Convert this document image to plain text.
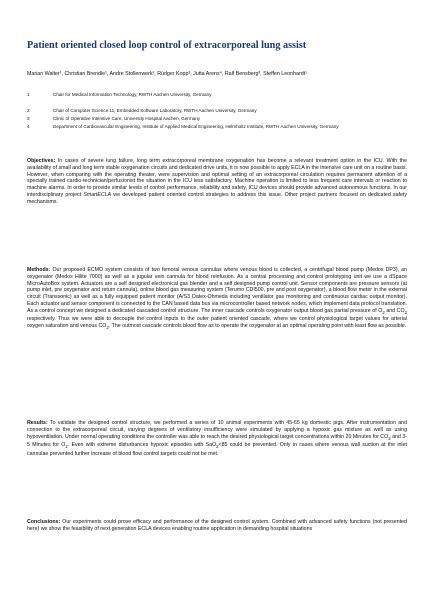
Patient oriented closed loop control of extracorporeal lung assist
Marian Walter¹, Christian Brendle¹, Andre Stollenwerk², Rüdger Kopp³, Jutta Arens⁴, Ralf Bensberg³, Steffen Leonhardt¹
1	Chair for Medical Information Technology, RWTH Aachen University, Germany
2	Chair of Computer Science 11, Embedded Software Laboratory, RWTH Aachen University, Germany
3	Clinic of Operative Intensive Care, University Hospital Aachen, Germany
4	Department of Cardiovascular Engineering, Institute of Applied Medical Engineering, Helmholtz Institute, RWTH Aachen University, Germany
Objectives: In cases of severe lung failure, long term extracorporeal membrane oxygenation has become a relevant treatment option in the ICU. With the availability of small and long term stable oxygenation circuits and dedicated drive units, it is now possible to apply ECLA in the intensive care unit on a routine basis. However, when comparing with the operating theater, were supervision and optimal setting of an extracorporeal circulation requires permanent attention of a specially trained cardio-technician/perfusionist the situation in the ICU less satisfactory. Machine operation is limited to less frequent care intervals or reaction to machine alarms. In order to provide similar levels of control performance, reliability and safety, ICU devices should provide advanced autonomous functions. In our interdisciplinary project SmartECLA we developed patient oriented control strategies to address this issue. Other project partners focused on dedicated safety mechanisms.
Methods: Our proposed ECMO system consists of two femoral venous cannulas where venous blood is collected, a centrifugal blood pump (Medos DP3), an oxygenator (Medos Hilite 7000) as well as a jugular vein cannula for blood reinfusion. As a central processing and control prototyping unit we use a dSpace MicroAutoBox system. Actuators are a self designed electronical gas blender and a self designed pump control unit. Sensor components are pressure sensors (at pump inlet, pre oxygenator and return cannula), online blood gas measuring system (Terumo CDI500, pre and post oxygenator), a blood flow meter in the external circuit (Transsonic) as well as a fully equipped patient monitor (A/S3 Datex-Ohmeda including ventilator gas monitoring and continuous cardiac output monitor). Each actuator and sensor component is connected to the CAN based data bus via microcontroller based network nodes, which implement data protocol translation. As a control concept we designed a dedicated cascaded control structure. The inner cascade controls oxygenator output blood gas partial pressure of $O_2$ and $CO_2$ respectively. Thus we were able to decouple the control inputs to the outer patient oriented cascade, where we control physiological target values for arterial oxygen saturation and venous $CO_2$. The outmost cascade controls blood flow as to operate the oxygenator at an optimal operating point with least flow as possible.
Results: To validate the designed control structure, we performed a series of 10 animal experiments with 45-65 kg domestic pigs. After instrumentation and connection to the extracorporeal circuit, varying degrees of ventilatory insufficiency were simulated by applying a hypoxic gas mixture as well as using hypoventilation. Under normal operating conditions the controller was able to reach the desired physiological target concentrations within 20 Minutes for $CO_2$ and 3-5 Minutes for $O_2$. Even with extreme disturbances hypoxic episodes with SaO$_2$<85 could be prevented. Only in cases where venous wall suction at the inlet cannulae prevented further increase of blood flow control targets could not be met.
Conclusions: Our experiments could prove efficacy and performance of the designed control system. Combined with advanced safety functions (not presented here) we show the feasibility of next generation ECLA devices enabling routine application in demanding hospital situations
